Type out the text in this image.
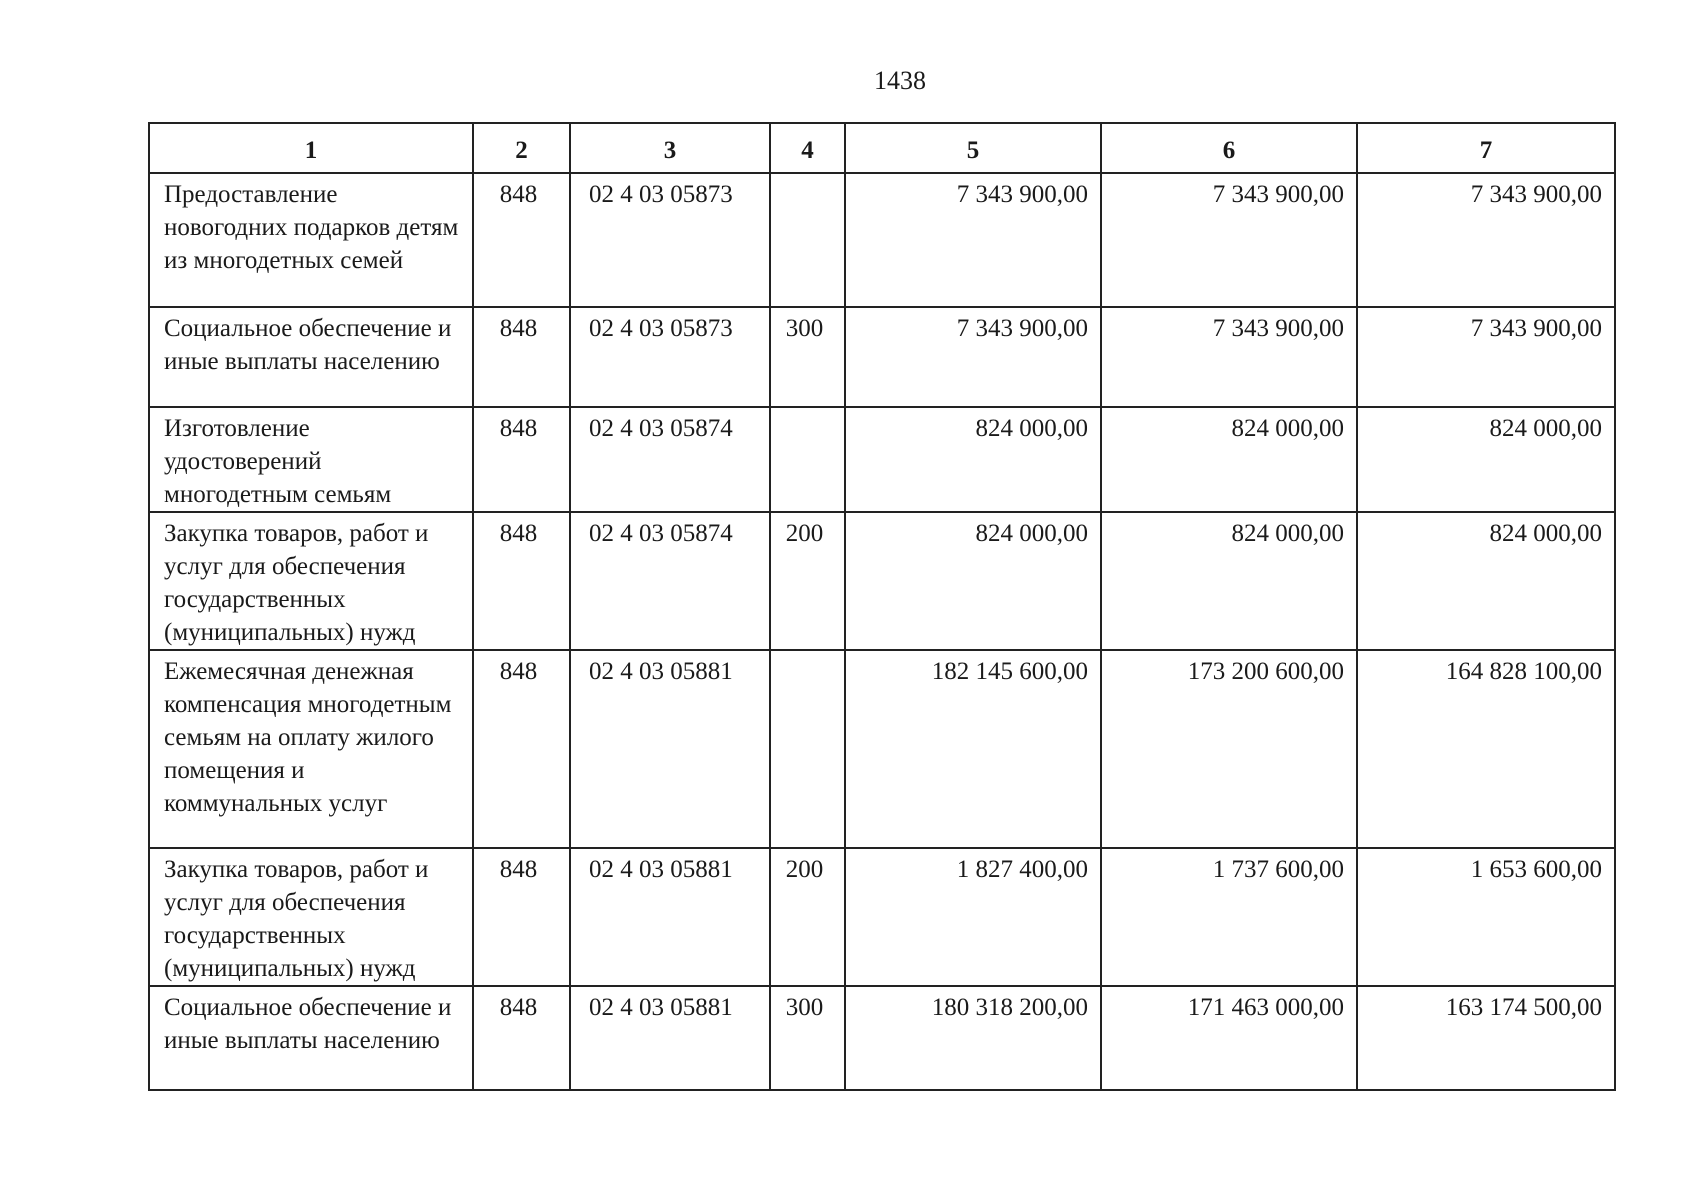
1438
1	2	3	4	5	6	7
Предоставление новогодних подарков детям из многодетных семей	848	02 4 03 05873		7 343 900,00	7 343 900,00	7 343 900,00
Социальное обеспечение и иные выплаты населению	848	02 4 03 05873	300	7 343 900,00	7 343 900,00	7 343 900,00
Изготовление удостоверений многодетным семьям	848	02 4 03 05874		824 000,00	824 000,00	824 000,00
Закупка товаров, работ и услуг для обеспечения государственных (муниципальных) нужд	848	02 4 03 05874	200	824 000,00	824 000,00	824 000,00
Ежемесячная денежная компенсация многодетным семьям на оплату жилого помещения и коммунальных услуг	848	02 4 03 05881		182 145 600,00	173 200 600,00	164 828 100,00
Закупка товаров, работ и услуг для обеспечения государственных (муниципальных) нужд	848	02 4 03 05881	200	1 827 400,00	1 737 600,00	1 653 600,00
Социальное обеспечение и иные выплаты населению	848	02 4 03 05881	300	180 318 200,00	171 463 000,00	163 174 500,00
